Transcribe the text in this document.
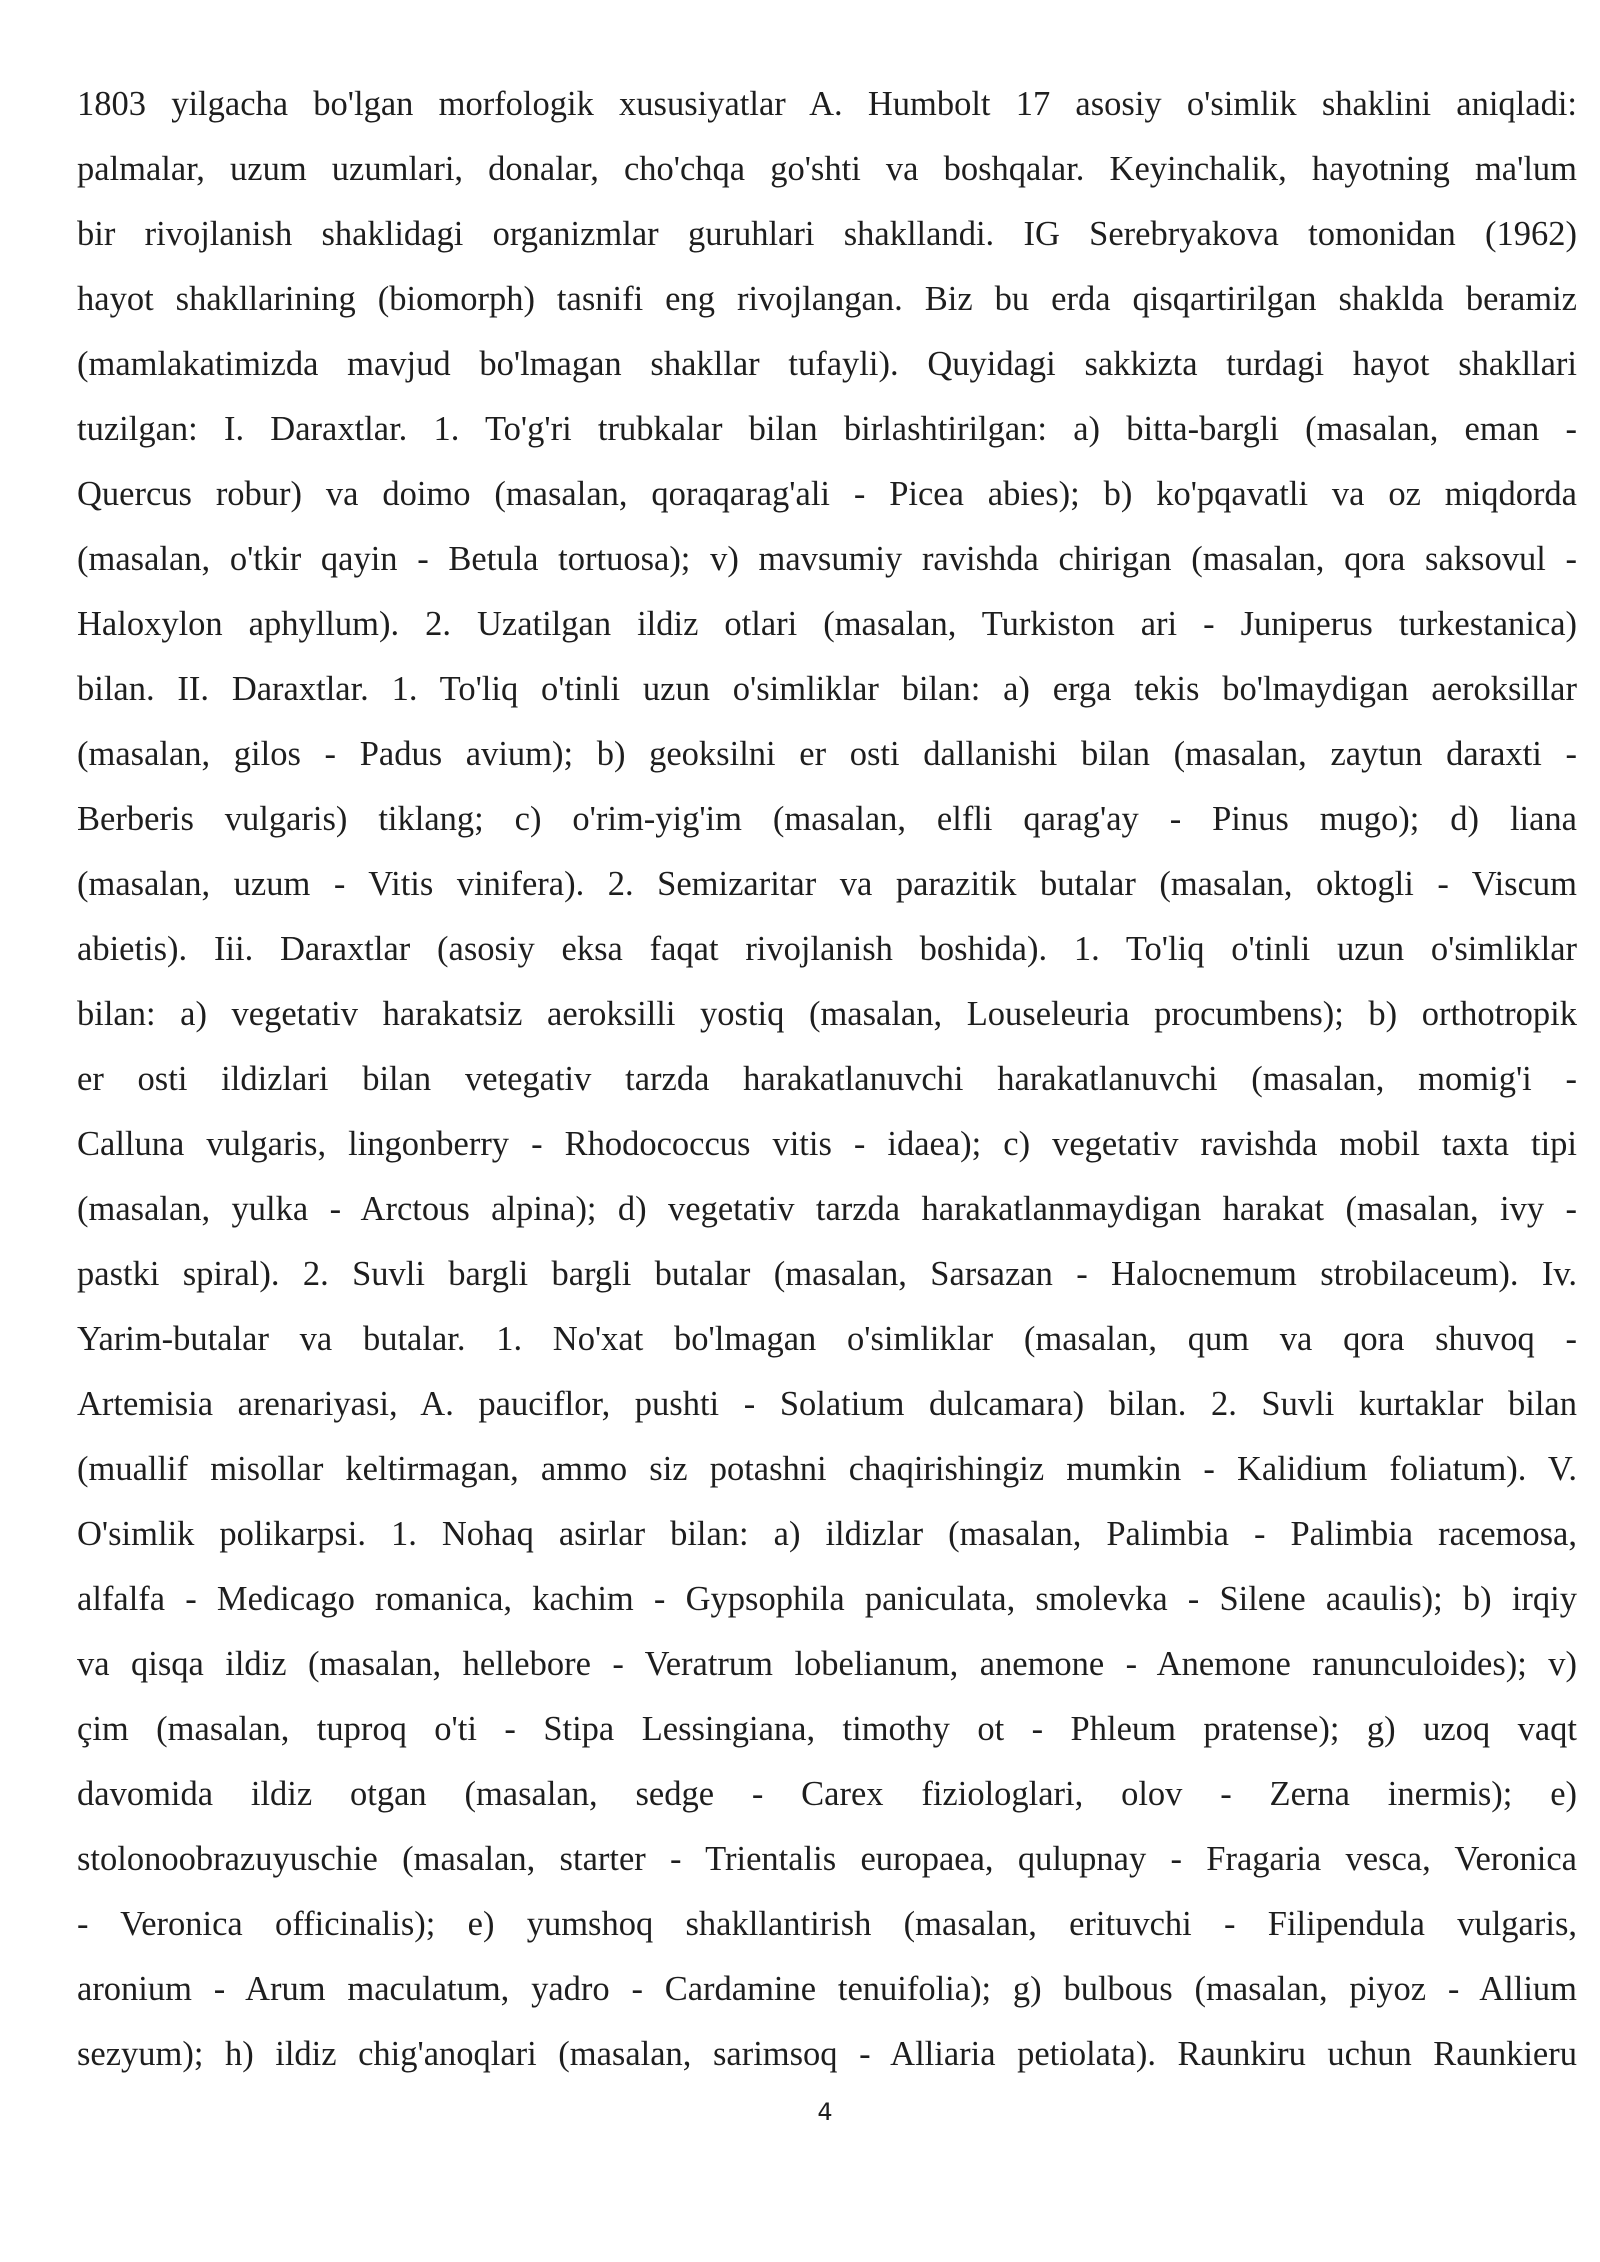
1803 yilgacha bo'lgan morfologik xususiyatlar A. Humbolt 17 asosiy o'simlik shaklini aniqladi:
palmalar, uzum uzumlari, donalar, cho'chqa go'shti va boshqalar. Keyinchalik, hayotning ma'lum
bir rivojlanish shaklidagi organizmlar guruhlari shakllandi. IG Serebryakova tomonidan (1962)
hayot shakllarining (biomorph) tasnifi eng rivojlangan. Biz bu erda qisqartirilgan shaklda beramiz
(mamlakatimizda mavjud bo'lmagan shakllar tufayli). Quyidagi sakkizta turdagi hayot shakllari
tuzilgan: I. Daraxtlar. 1. To'g'ri trubkalar bilan birlashtirilgan: a) bitta-bargli (masalan, eman -
Quercus robur) va doimo (masalan, qoraqarag'ali - Picea abies); b) ko'pqavatli va oz miqdorda
(masalan, o'tkir qayin - Betula tortuosa); v) mavsumiy ravishda chirigan (masalan, qora saksovul -
Haloxylon aphyllum). 2. Uzatilgan ildiz otlari (masalan, Turkiston ari - Juniperus turkestanica)
bilan. II. Daraxtlar. 1. To'liq o'tinli uzun o'simliklar bilan: a) erga tekis bo'lmaydigan aeroksillar
(masalan, gilos - Padus avium); b) geoksilni er osti dallanishi bilan (masalan, zaytun daraxti -
Berberis vulgaris) tiklang; c) o'rim-yig'im (masalan, elfli qarag'ay - Pinus mugo); d) liana
(masalan, uzum - Vitis vinifera). 2. Semizaritar va parazitik butalar (masalan, oktogli - Viscum
abietis). Iii. Daraxtlar (asosiy eksa faqat rivojlanish boshida). 1. To'liq o'tinli uzun o'simliklar
bilan: a) vegetativ harakatsiz aeroksilli yostiq (masalan, Louseleuria procumbens); b) orthotropik
er osti ildizlari bilan vetegativ tarzda harakatlanuvchi harakatlanuvchi (masalan, momig'i -
Calluna vulgaris, lingonberry - Rhodococcus vitis - idaea); c) vegetativ ravishda mobil taxta tipi
(masalan, yulka - Arctous alpina); d) vegetativ tarzda harakatlanmaydigan harakat (masalan, ivy -
pastki spiral). 2. Suvli bargli bargli butalar (masalan, Sarsazan - Halocnemum strobilaceum). Iv.
Yarim-butalar va butalar. 1. No'xat bo'lmagan o'simliklar (masalan, qum va qora shuvoq -
Artemisia arenariyasi, A. pauciflor, pushti - Solatium dulcamara) bilan. 2. Suvli kurtaklar bilan
(muallif misollar keltirmagan, ammo siz potashni chaqirishingiz mumkin - Kalidium foliatum). V.
O'simlik polikarpsi. 1. Nohaq asirlar bilan: a) ildizlar (masalan, Palimbia - Palimbia racemosa,
alfalfa - Medicago romanica, kachim - Gypsophila paniculata, smolevka - Silene acaulis); b) irqiy
va qisqa ildiz (masalan, hellebore - Veratrum lobelianum, anemone - Anemone ranunculoides); v)
çim (masalan, tuproq o'ti - Stipa Lessingiana, timothy ot - Phleum pratense); g) uzoq vaqt
davomida ildiz otgan (masalan, sedge - Carex fiziologlari, olov - Zerna inermis); e)
stolonoobrazuyuschie (masalan, starter - Trientalis europaea, qulupnay - Fragaria vesca, Veronica
- Veronica officinalis); e) yumshoq shakllantirish (masalan, erituvchi - Filipendula vulgaris,
aronium - Arum maculatum, yadro - Cardamine tenuifolia); g) bulbous (masalan, piyoz - Allium
sezyum); h) ildiz chig'anoqlari (masalan, sarimsoq - Alliaria petiolata). Raunkiru uchun Raunkieru
4
